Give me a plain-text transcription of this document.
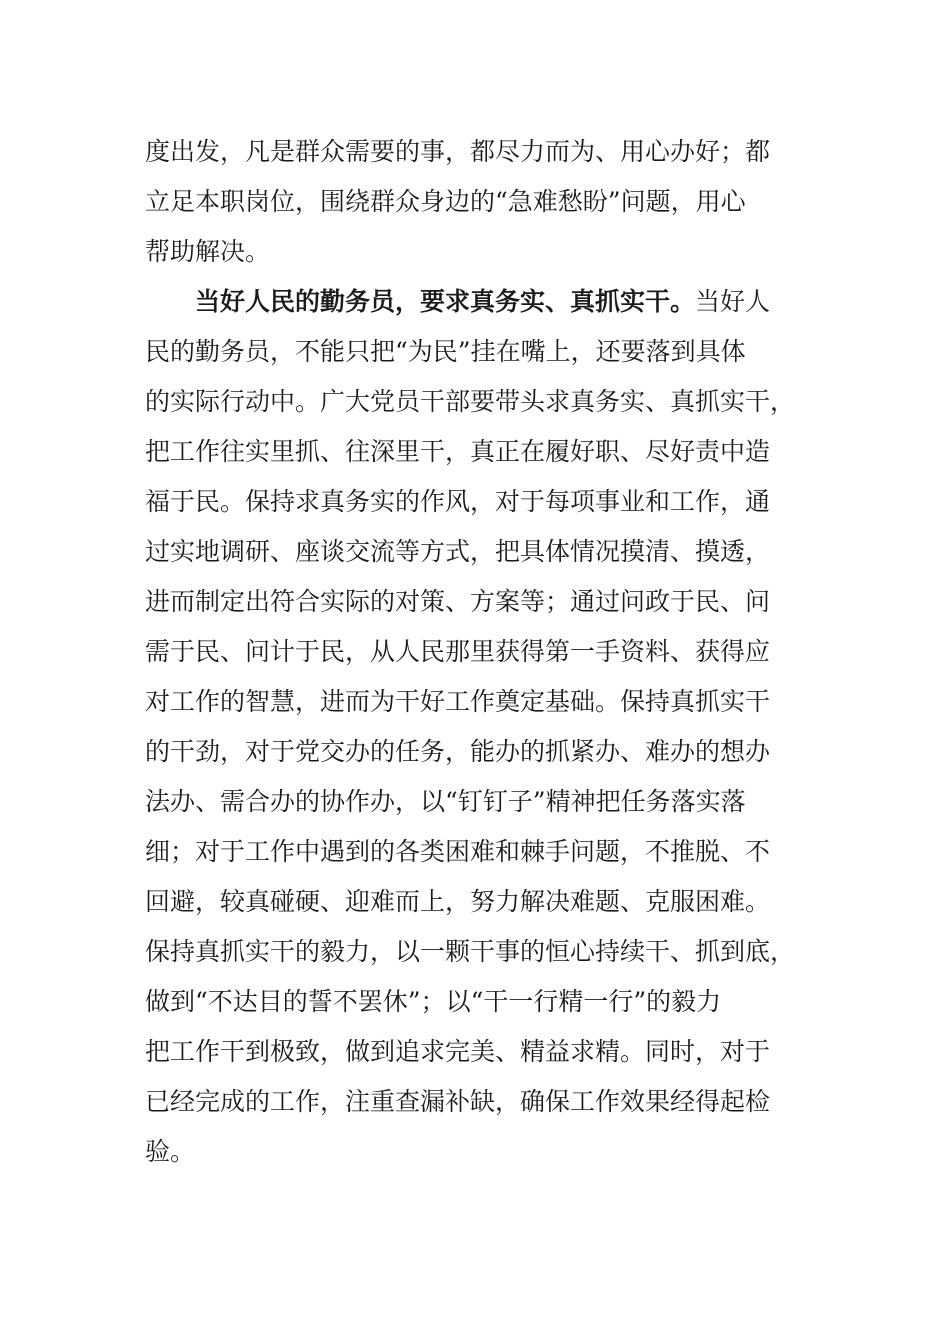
度出发，凡是群众需要的事，都尽力而为、用心办好；都
立足本职岗位，围绕群众身边的“急难愁盼”问题，用心
帮助解决。
当好人民的勤务员，要求真务实、真抓实干。当好人
民的勤务员，不能只把“为民”挂在嘴上，还要落到具体
的实际行动中。广大党员干部要带头求真务实、真抓实干，
把工作往实里抓、往深里干，真正在履好职、尽好责中造
福于民。保持求真务实的作风，对于每项事业和工作，通
过实地调研、座谈交流等方式，把具体情况摸清、摸透，
进而制定出符合实际的对策、方案等；通过问政于民、问
需于民、问计于民，从人民那里获得第一手资料、获得应
对工作的智慧，进而为干好工作奠定基础。保持真抓实干
的干劲，对于党交办的任务，能办的抓紧办、难办的想办
法办、需合办的协作办，以“钉钉子”精神把任务落实落
细；对于工作中遇到的各类困难和棘手问题，不推脱、不
回避，较真碰硬、迎难而上，努力解决难题、克服困难。
保持真抓实干的毅力，以一颗干事的恒心持续干、抓到底，
做到“不达目的誓不罢休”；以“干一行精一行”的毅力
把工作干到极致，做到追求完美、精益求精。同时，对于
已经完成的工作，注重查漏补缺，确保工作效果经得起检
验。
